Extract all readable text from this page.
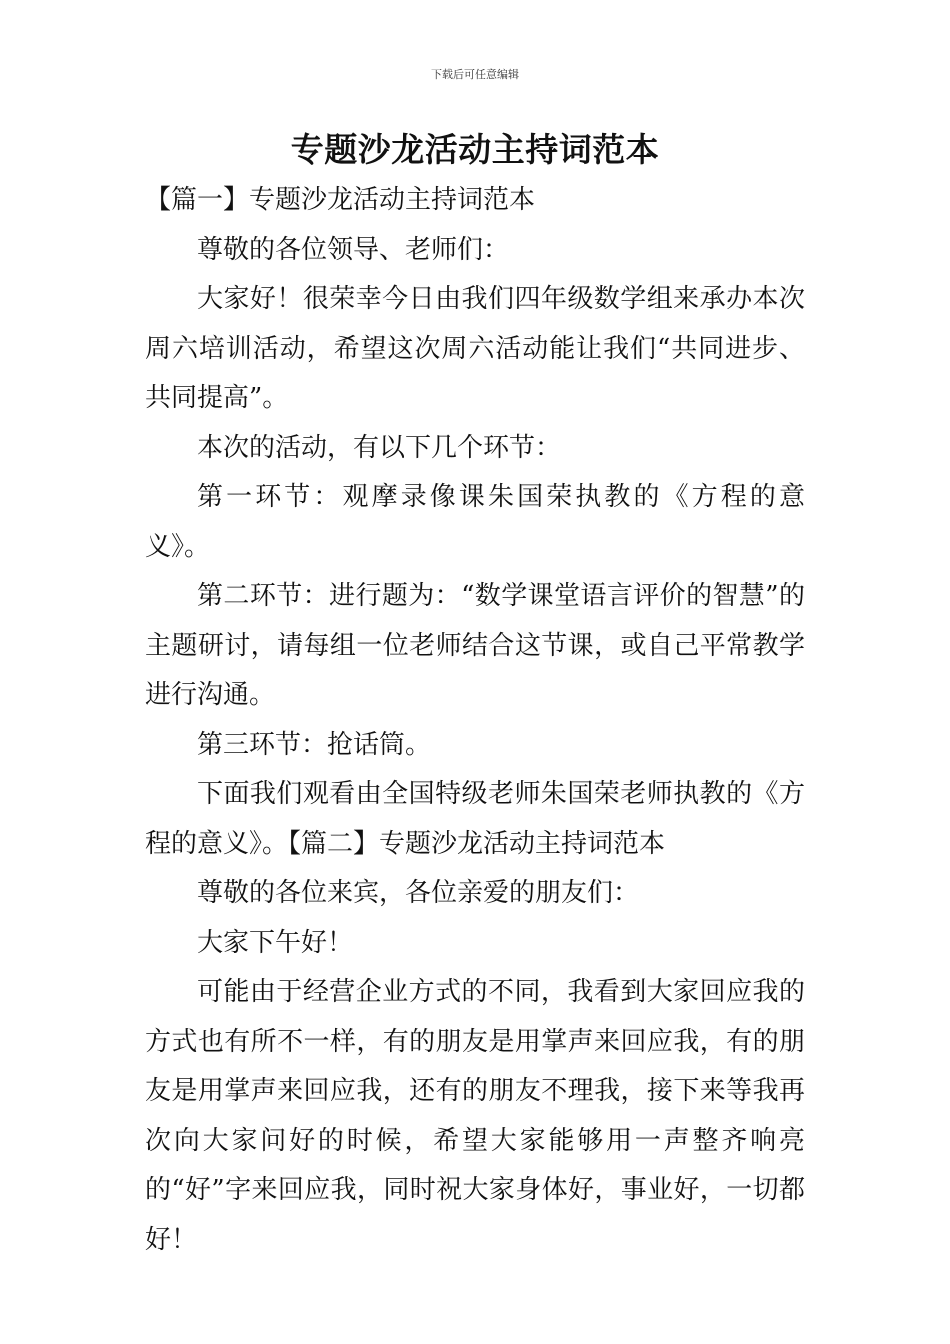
下载后可任意编辑
专题沙龙活动主持词范本

【篇一】专题沙龙活动主持词范本

尊敬的各位领导、老师们：

大家好！很荣幸今日由我们四年级数学组来承办本次周六培训活动，希望这次周六活动能让我们“共同进步、共同提高”。

本次的活动，有以下几个环节：

第一环节：观摩录像课朱国荣执教的《方程的意义》。

第二环节：进行题为：“数学课堂语言评价的智慧”的主题研讨，请每组一位老师结合这节课，或自己平常教学进行沟通。

第三环节：抢话筒。

下面我们观看由全国特级老师朱国荣老师执教的《方程的意义》。【篇二】专题沙龙活动主持词范本

尊敬的各位来宾，各位亲爱的朋友们：

大家下午好！

可能由于经营企业方式的不同，我看到大家回应我的方式也有所不一样，有的朋友是用掌声来回应我，有的朋友是用掌声来回应我，还有的朋友不理我，接下来等我再次向大家问好的时候，希望大家能够用一声整齐响亮的“好”字来回应我，同时祝大家身体好，事业好，一切都好！
